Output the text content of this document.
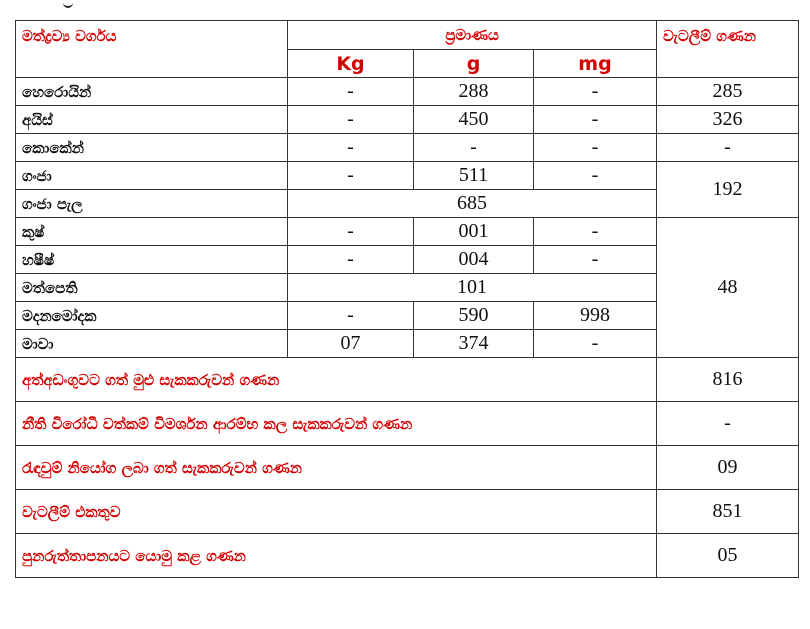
මත්ද්‍රව්‍ය වර්ගය	ප්‍රමාණය			වැටලීම් ගණන
	Kg	g	mg	
හෙරොයින්	-	288	-	285
අයිස්	-	450	-	326
කොකේන්	-	-	-	-
ගංජා	-	511	-	192
ගංජා පැල	685			
කුෂ්	-	001	-	48
හෂීෂ්	-	004	-	
මත්පෙති	101			
මදනමෝදක	-	590	998	
මාවා	07	374	-	
අත්අඩංගුවට ගත් මුළු සැකකරුවන් ගණන				816
නීති විරෝධී වත්කම් විමර්ශන ආරම්භ කල සැකකරුවන් ගණන				-
රැඳවුම් නියෝග ලබා ගත් සැකකරුවන් ගණන				09
වැටලීම් එකතුව				851
පුනරුත්තාපනයට යොමු කළ ගණන				05
